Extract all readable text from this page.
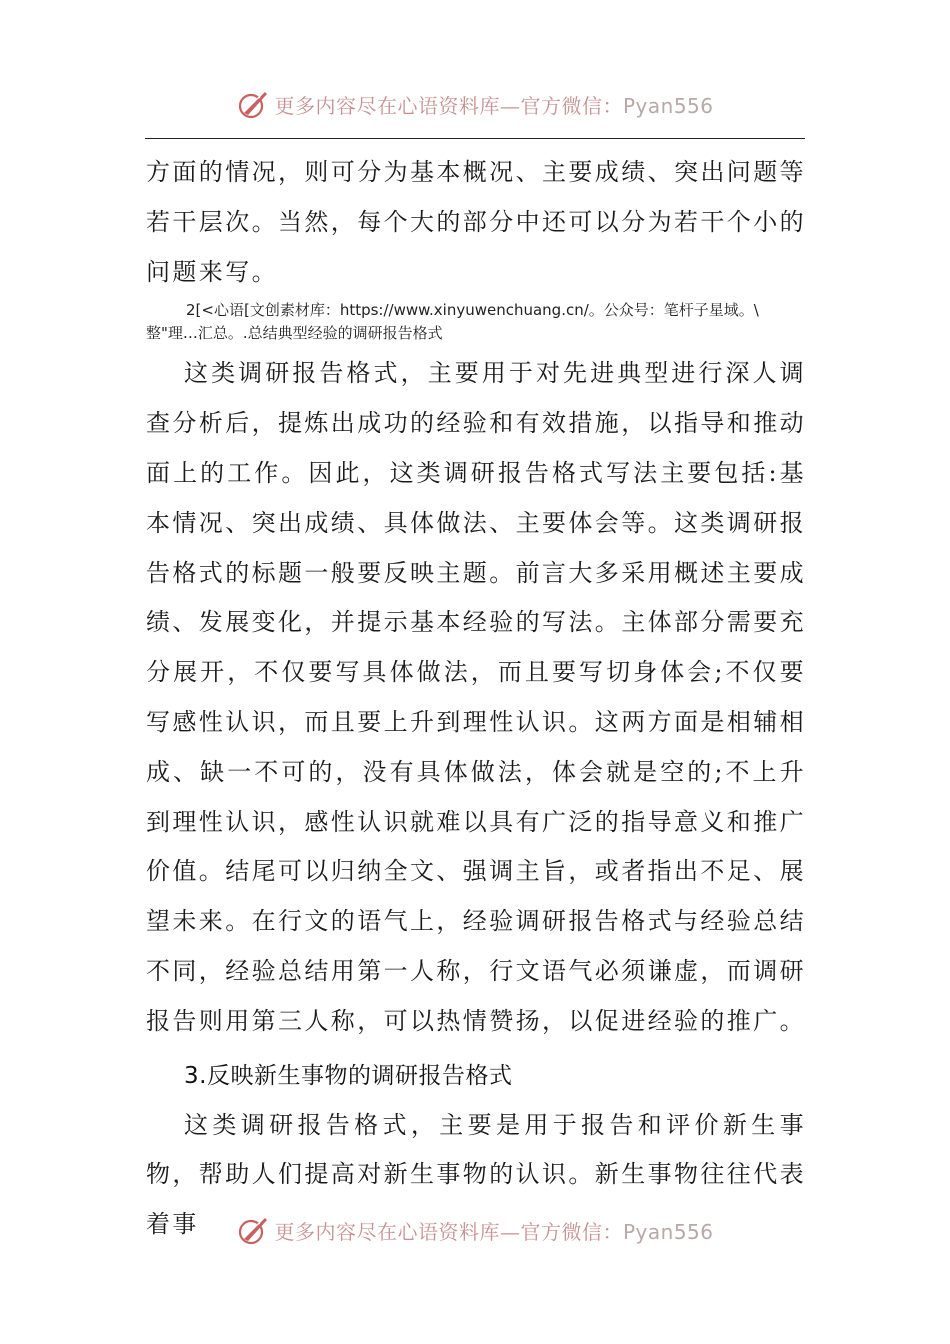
更多内容尽在心语资料库—官方微信：Pyan556

方面的情况，则可分为基本概况、主要成绩、突出问题等若干层次。当然，每个大的部分中还可以分为若干个小的问题来写。

2[<心语[文创素材库：https://www.xinyuwenchuang.cn/。公众号：笔杆子星域。\
整"理…汇总。.总结典型经验的调研报告格式

这类调研报告格式，主要用于对先进典型进行深人调查分析后，提炼出成功的经验和有效措施，以指导和推动面上的工作。因此，这类调研报告格式写法主要包括:基本情况、突出成绩、具体做法、主要体会等。这类调研报告格式的标题一般要反映主题。前言大多采用概述主要成绩、发展变化，并提示基本经验的写法。主体部分需要充分展开，不仅要写具体做法，而且要写切身体会;不仅要写感性认识，而且要上升到理性认识。这两方面是相辅相成、缺一不可的，没有具体做法，体会就是空的;不上升到理性认识，感性认识就难以具有广泛的指导意义和推广价值。结尾可以归纳全文、强调主旨，或者指出不足、展望未来。在行文的语气上，经验调研报告格式与经验总结不同，经验总结用第一人称，行文语气必须谦虚，而调研报告则用第三人称，可以热情赞扬，以促进经验的推广。

3.反映新生事物的调研报告格式

这类调研报告格式，主要是用于报告和评价新生事物，帮助人们提高对新生事物的认识。新生事物往往代表着事	更多内容尽在心语资料库—官方微信：Pyan556
